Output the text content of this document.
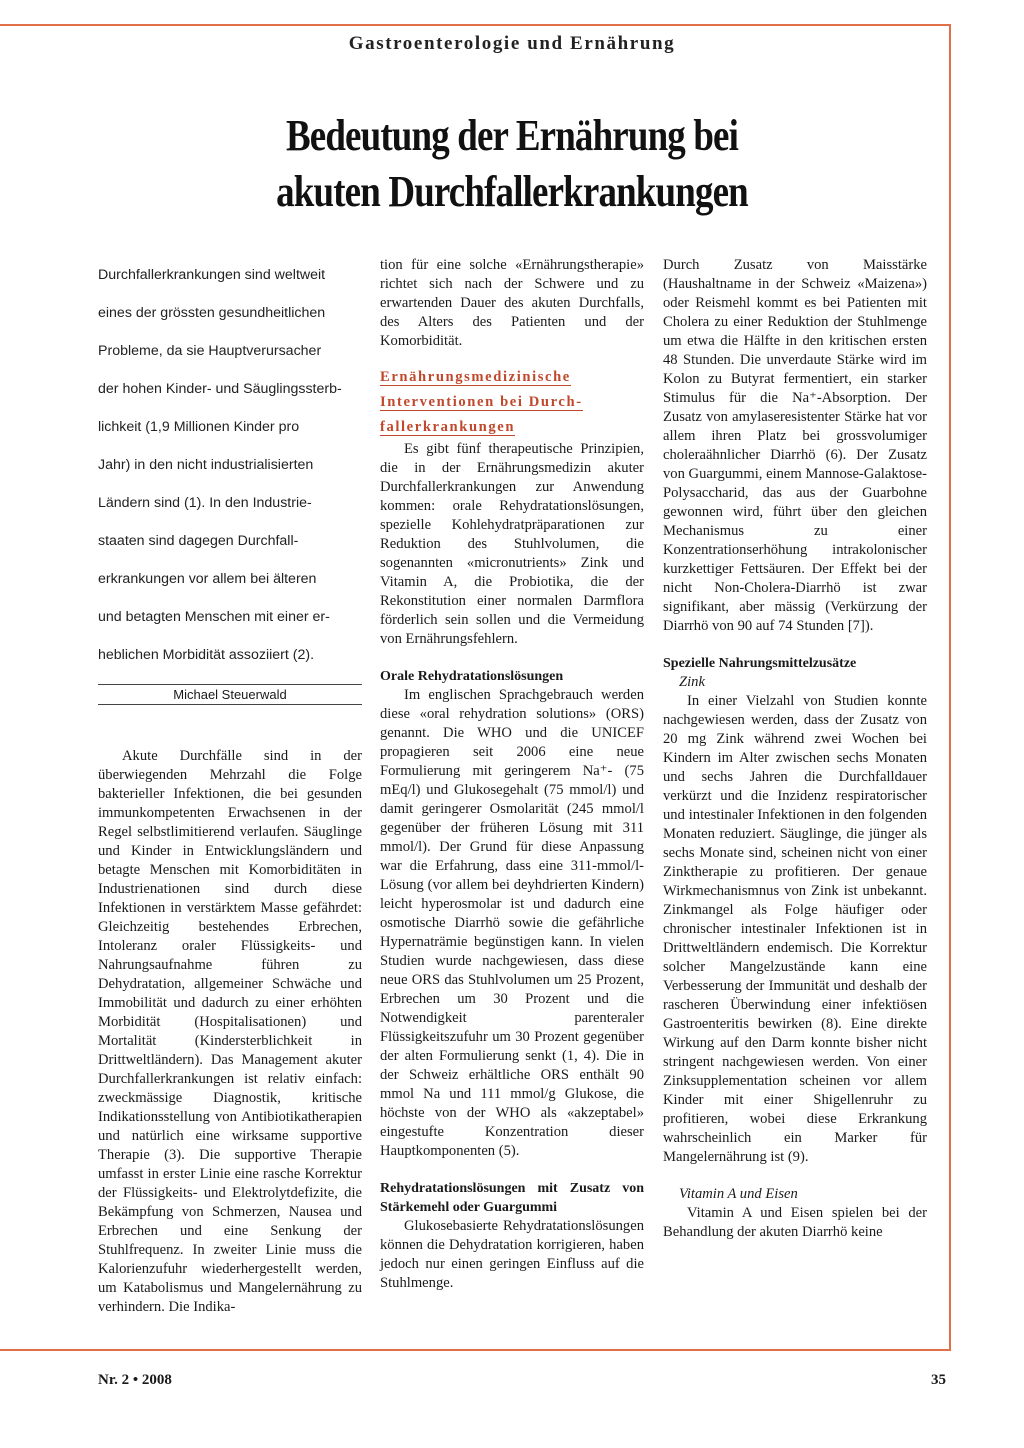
Gastroenterologie und Ernährung
Bedeutung der Ernährung bei
akuten Durchfallerkrankungen
Durchfallerkrankungen sind weltweit
eines der grössten gesundheitlichen
Probleme, da sie Hauptverursacher
der hohen Kinder- und Säuglingssterb-
lichkeit (1,9 Millionen Kinder pro
Jahr) in den nicht industrialisierten
Ländern sind (1). In den Industrie-
staaten sind dagegen Durchfall-
erkrankungen vor allem bei älteren
und betagten Menschen mit einer er-
heblichen Morbidität assoziiert (2).
Michael Steuerwald

Akute Durchfälle sind in der überwiegenden Mehrzahl die Folge bakterieller Infektionen, die bei gesunden immunkompetenten Erwachsenen in der Regel selbstlimitierend verlaufen. Säuglinge und Kinder in Entwicklungsländern und betagte Menschen mit Komorbiditäten in Industrienationen sind durch diese Infektionen in verstärktem Masse gefährdet: Gleichzeitig bestehendes Erbrechen, Intoleranz oraler Flüssigkeits- und Nahrungsaufnahme führen zu Dehydratation, allgemeiner Schwäche und Immobilität und dadurch zu einer erhöhten Morbidität (Hospitalisationen) und Mortalität (Kindersterblichkeit in Drittweltländern). Das Management akuter Durchfallerkrankungen ist relativ einfach: zweckmässige Diagnostik, kritische Indikationsstellung von Antibiotikatherapien und natürlich eine wirksame supportive Therapie (3). Die supportive Therapie umfasst in erster Linie eine rasche Korrektur der Flüssigkeits- und Elektrolytdefizite, die Bekämpfung von Schmerzen, Nausea und Erbrechen und eine Senkung der Stuhlfrequenz. In zweiter Linie muss die Kalorienzufuhr wiederhergestellt werden, um Katabolismus und Mangelernährung zu verhindern. Die Indika-

tion für eine solche «Ernährungstherapie» richtet sich nach der Schwere und zu erwartenden Dauer des akuten Durchfalls, des Alters des Patienten und der Komorbidität.

Ernährungsmedizinische
Interventionen bei Durch-
fallerkrankungen

Es gibt fünf therapeutische Prinzipien, die in der Ernährungsmedizin akuter Durchfallerkrankungen zur Anwendung kommen: orale Rehydratationslösungen, spezielle Kohlehydratpräparationen zur Reduktion des Stuhlvolumen, die sogenannten «micronutrients» Zink und Vitamin A, die Probiotika, die der Rekonstitution einer normalen Darmflora förderlich sein sollen und die Vermeidung von Ernährungsfehlern.

Orale Rehydratationslösungen

Im englischen Sprachgebrauch werden diese «oral rehydration solutions» (ORS) genannt. Die WHO und die UNICEF propagieren seit 2006 eine neue Formulierung mit geringerem Na⁺- (75 mEq/l) und Glukosegehalt (75 mmol/l) und damit geringerer Osmolarität (245 mmol/l gegenüber der früheren Lösung mit 311 mmol/l). Der Grund für diese Anpassung war die Erfahrung, dass eine 311-mmol/l-Lösung (vor allem bei deyhdrierten Kindern) leicht hyperosmolar ist und dadurch eine osmotische Diarrhö sowie die gefährliche Hypernaträmie begünstigen kann. In vielen Studien wurde nachgewiesen, dass diese neue ORS das Stuhlvolumen um 25 Prozent, Erbrechen um 30 Prozent und die Notwendigkeit parenteraler Flüssigkeitszufuhr um 30 Prozent gegenüber der alten Formulierung senkt (1, 4). Die in der Schweiz erhältliche ORS enthält 90 mmol Na und 111 mmol/g Glukose, die höchste von der WHO als «akzeptabel» eingestufte Konzentration dieser Hauptkomponenten (5).

Rehydratationslösungen mit Zusatz von Stärkemehl oder Guargummi

Glukosebasierte Rehydratationslösungen können die Dehydratation korrigieren, haben jedoch nur einen geringen Einfluss auf die Stuhlmenge.

Durch Zusatz von Maisstärke (Haushaltname in der Schweiz «Maizena») oder Reismehl kommt es bei Patienten mit Cholera zu einer Reduktion der Stuhlmenge um etwa die Hälfte in den kritischen ersten 48 Stunden. Die unverdaute Stärke wird im Kolon zu Butyrat fermentiert, ein starker Stimulus für die Na⁺-Absorption. Der Zusatz von amylaseresistenter Stärke hat vor allem ihren Platz bei grossvolumiger choleraähnlicher Diarrhö (6). Der Zusatz von Guargummi, einem Mannose-Galaktose-Polysaccharid, das aus der Guarbohne gewonnen wird, führt über den gleichen Mechanismus zu einer Konzentrationserhöhung intrakolonischer kurzkettiger Fettsäuren. Der Effekt bei der nicht Non-Cholera-Diarrhö ist zwar signifikant, aber mässig (Verkürzung der Diarrhö von 90 auf 74 Stunden [7]).

Spezielle Nahrungsmittelzusätze

Zink

In einer Vielzahl von Studien konnte nachgewiesen werden, dass der Zusatz von 20 mg Zink während zwei Wochen bei Kindern im Alter zwischen sechs Monaten und sechs Jahren die Durchfalldauer verkürzt und die Inzidenz respiratorischer und intestinaler Infektionen in den folgenden Monaten reduziert. Säuglinge, die jünger als sechs Monate sind, scheinen nicht von einer Zinktherapie zu profitieren. Der genaue Wirkmechanismnus von Zink ist unbekannt. Zinkmangel als Folge häufiger oder chronischer intestinaler Infektionen ist in Drittweltländern endemisch. Die Korrektur solcher Mangelzustände kann eine Verbesserung der Immunität und deshalb der rascheren Überwindung einer infektiösen Gastroenteritis bewirken (8). Eine direkte Wirkung auf den Darm konnte bisher nicht stringent nachgewiesen werden. Von einer Zinksupplementation scheinen vor allem Kinder mit einer Shigellenruhr zu profitieren, wobei diese Erkrankung wahrscheinlich ein Marker für Mangelernährung ist (9).

Vitamin A und Eisen

Vitamin A und Eisen spielen bei der Behandlung der akuten Diarrhö keine

Nr. 2 • 2008	35
